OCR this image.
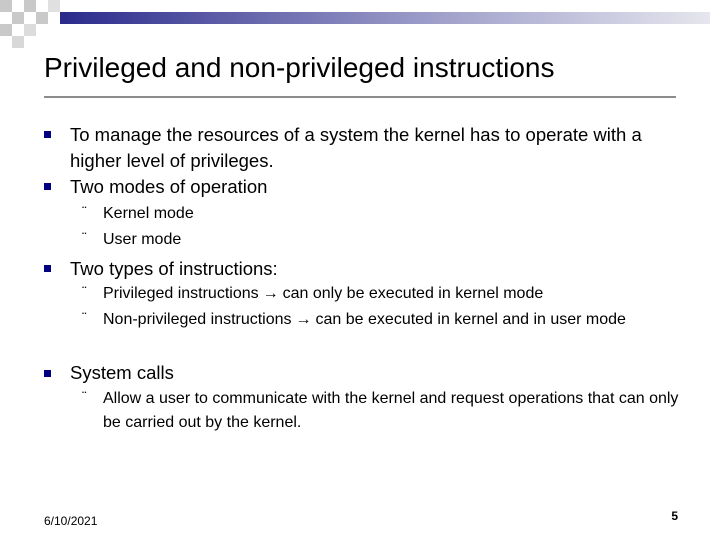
Privileged and non-privileged instructions
To manage the resources of a system the kernel has to operate with a higher level of privileges.
Two modes of operation
¨ Kernel mode
¨ User mode
Two types of instructions:
¨ Privileged instructions → can only be executed in kernel mode
¨ Non-privileged instructions → can be executed in kernel and in user mode
System calls
¨ Allow a user to communicate with the kernel and request operations that can only be carried out by the kernel.
6/10/2021	5
